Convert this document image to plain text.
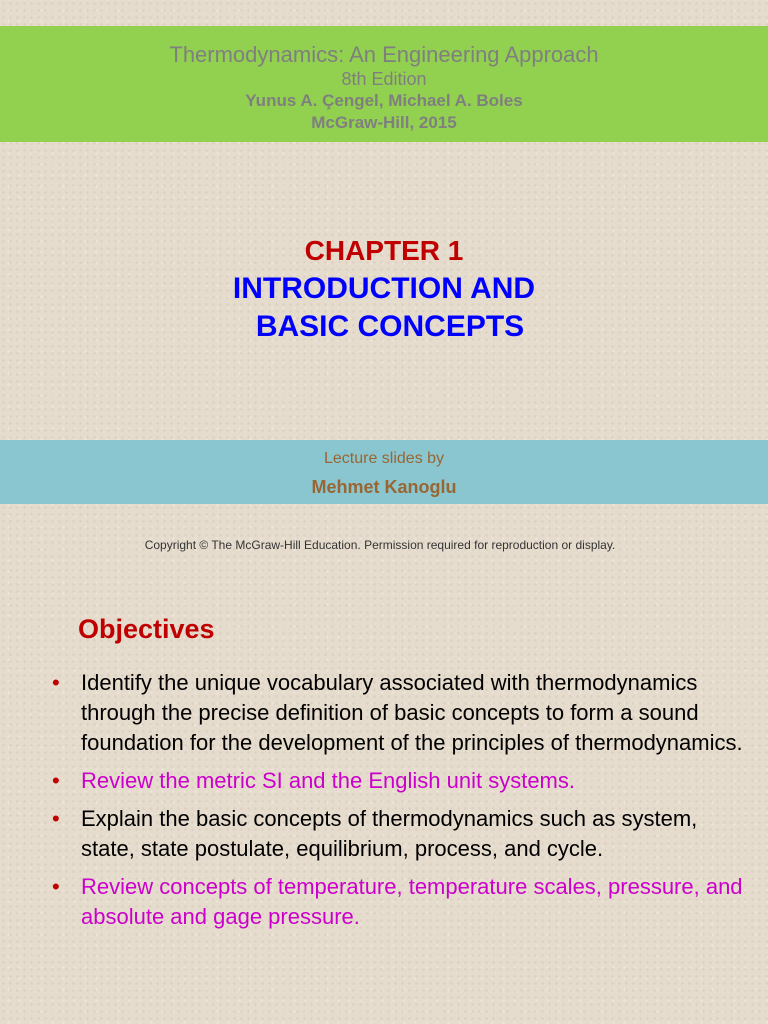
Thermodynamics: An Engineering Approach
8th Edition
Yunus A. Çengel, Michael A. Boles
McGraw-Hill, 2015
CHAPTER 1
INTRODUCTION AND
BASIC CONCEPTS
Lecture slides by
Mehmet Kanoglu
Copyright © The McGraw-Hill Education. Permission required for reproduction or display.
Objectives
• Identify the unique vocabulary associated with thermodynamics through the precise definition of basic concepts to form a sound foundation for the development of the principles of thermodynamics.
• Review the metric SI and the English unit systems.
• Explain the basic concepts of thermodynamics such as system, state, state postulate, equilibrium, process, and cycle.
• Review concepts of temperature, temperature scales, pressure, and absolute and gage pressure.
